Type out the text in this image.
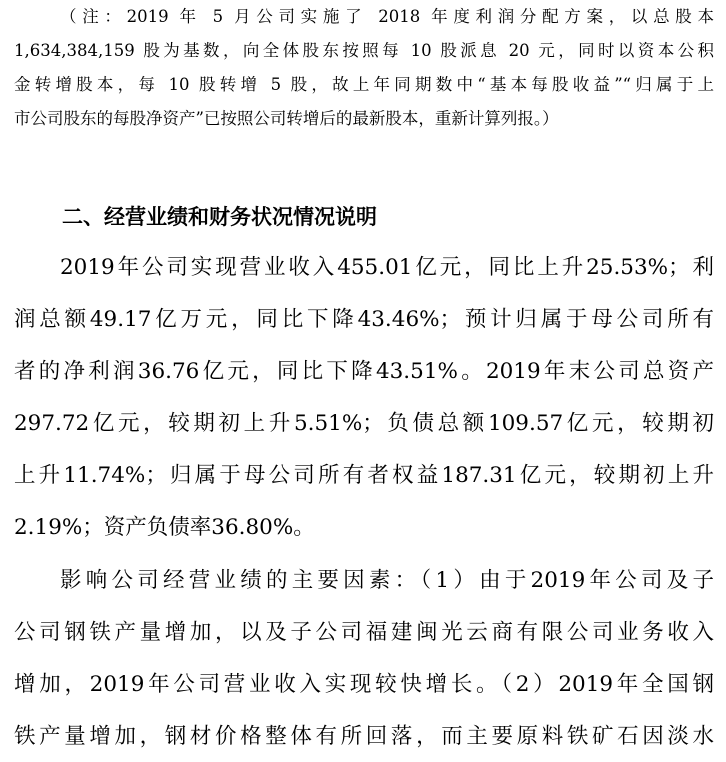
（注：2019 年 5 月公司实施了 2018 年度利润分配方案，以总股本
1,634,384,159 股为基数，向全体股东按照每 10 股派息 20 元，同时以资本公积
金转增股本，每 10 股转增 5 股，故上年同期数中“基本每股收益”“归属于上
市公司股东的每股净资产”已按照公司转增后的最新股本，重新计算列报。）
二、经营业绩和财务状况情况说明
2019年公司实现营业收入455.01亿元，同比上升25.53%；利
润总额49.17亿万元，同比下降43.46%；预计归属于母公司所有
者的净利润36.76亿元，同比下降43.51%。2019年末公司总资产
297.72亿元，较期初上升5.51%；负债总额109.57亿元，较期初
上升11.74%；归属于母公司所有者权益187.31亿元，较期初上升
2.19%；资产负债率36.80%。
影响公司经营业绩的主要因素：（1）由于2019年公司及子
公司钢铁产量增加，以及子公司福建闽光云商有限公司业务收入
增加，2019年公司营业收入实现较快增长。（2）2019年全国钢
铁产量增加，钢材价格整体有所回落，而主要原料铁矿石因淡水
